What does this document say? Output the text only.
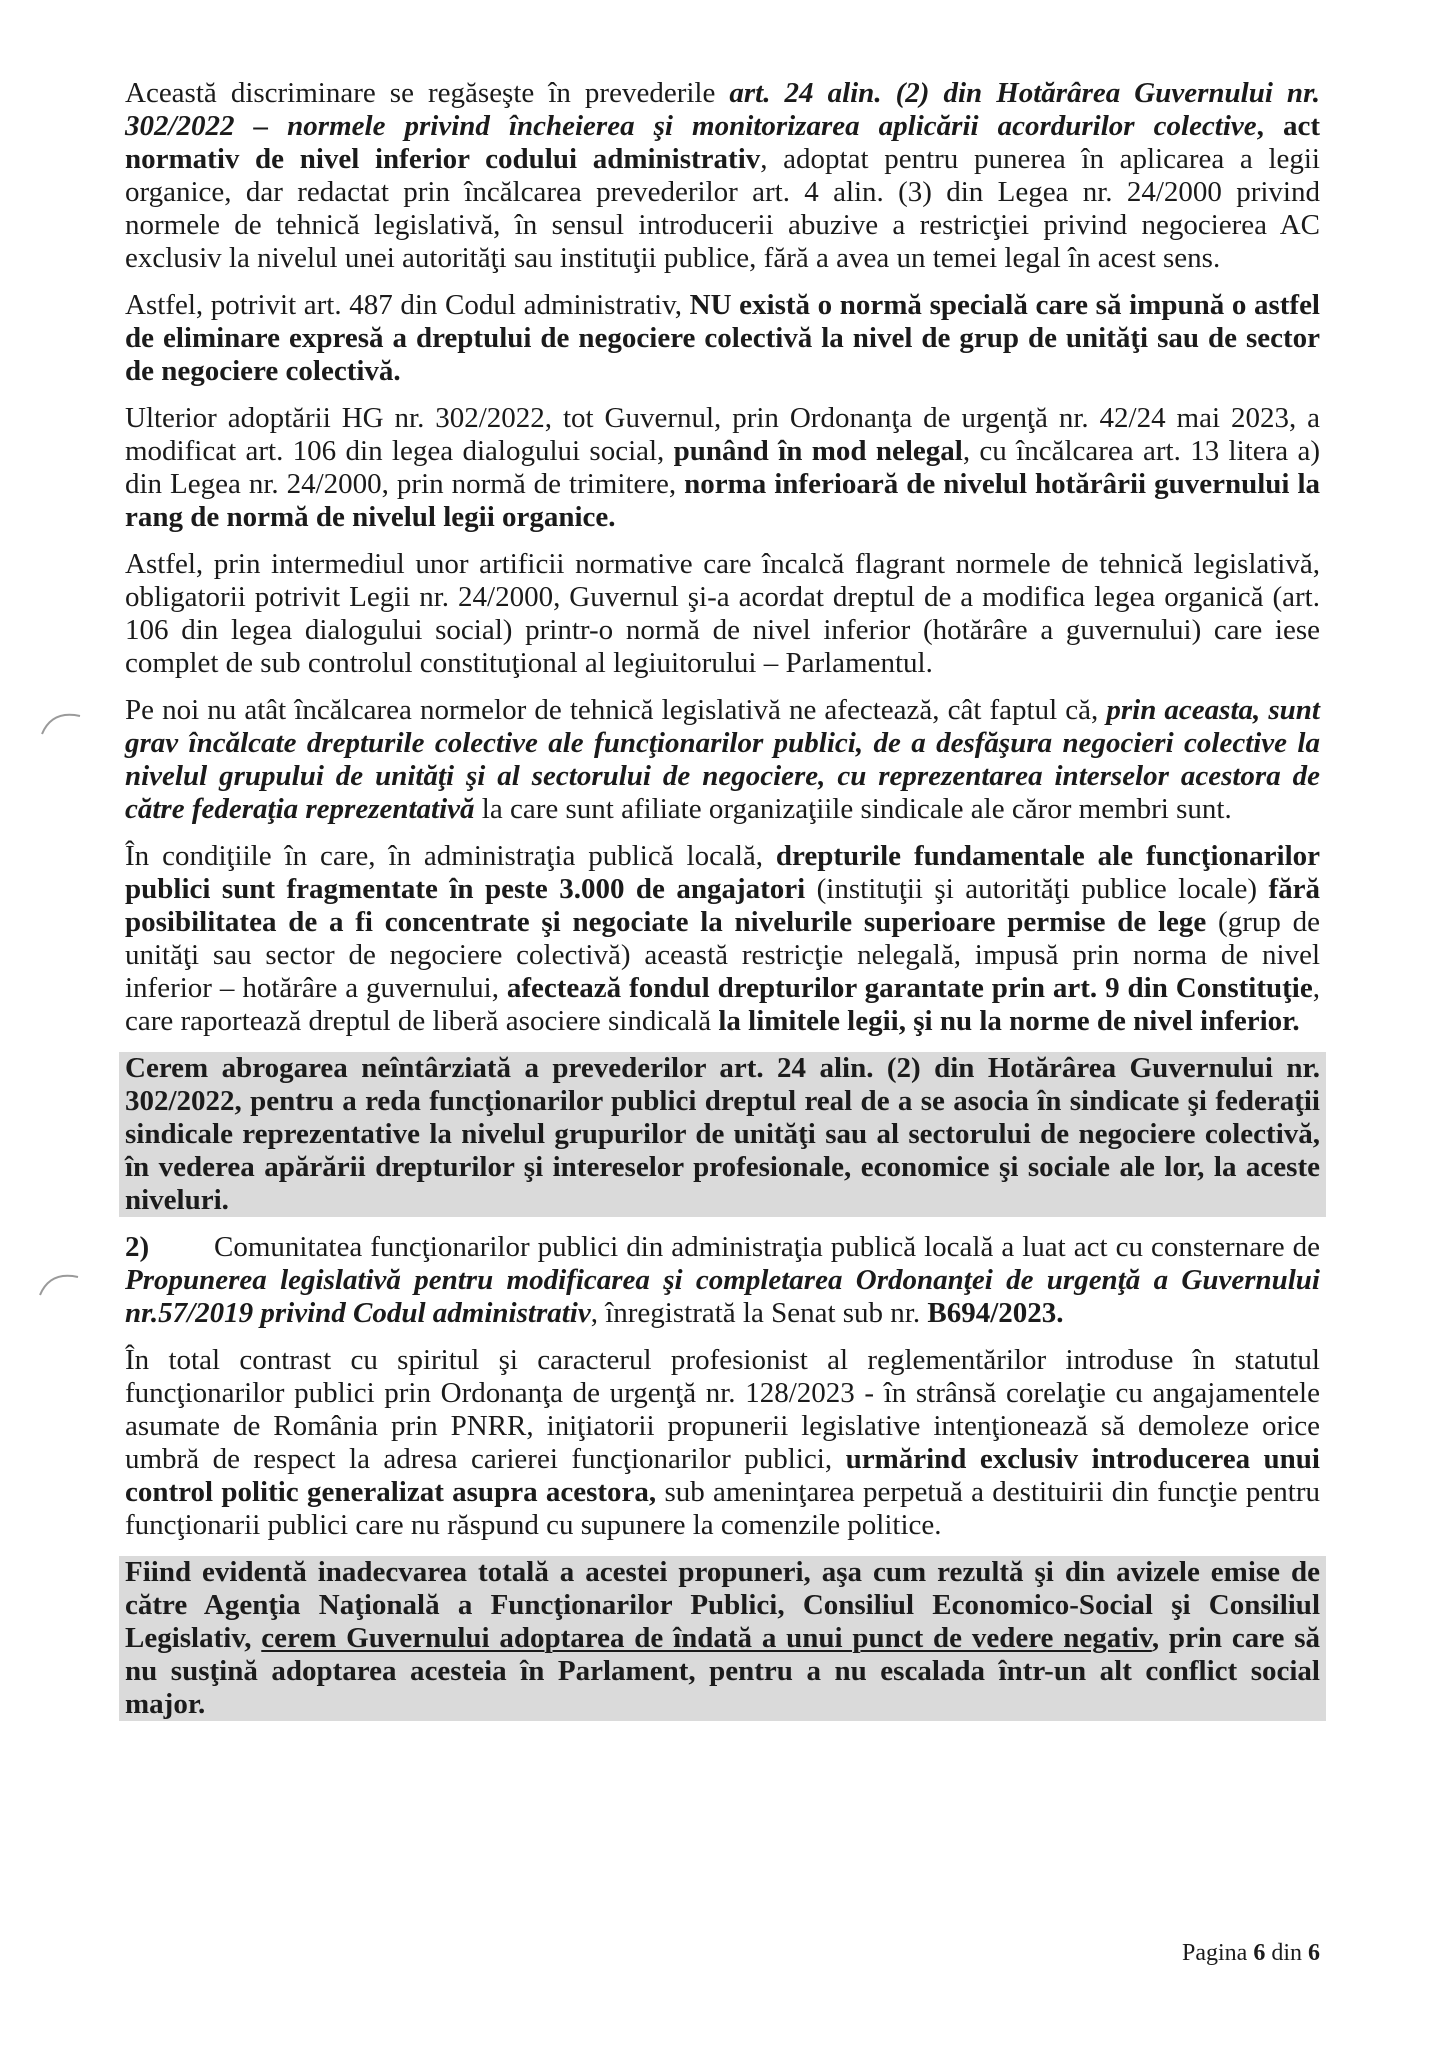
Această discriminare se regăseşte în prevederile art. 24 alin. (2) din Hotărârea Guvernului nr. 302/2022 – normele privind încheierea şi monitorizarea aplicării acordurilor colective, act normativ de nivel inferior codului administrativ, adoptat pentru punerea în aplicarea a legii organice, dar redactat prin încălcarea prevederilor art. 4 alin. (3) din Legea nr. 24/2000 privind normele de tehnică legislativă, în sensul introducerii abuzive a restricţiei privind negocierea AC exclusiv la nivelul unei autorităţi sau instituţii publice, fără a avea un temei legal în acest sens.

Astfel, potrivit art. 487 din Codul administrativ, NU există o normă specială care să impună o astfel de eliminare expresă a dreptului de negociere colectivă la nivel de grup de unităţi sau de sector de negociere colectivă.

Ulterior adoptării HG nr. 302/2022, tot Guvernul, prin Ordonanţa de urgenţă nr. 42/24 mai 2023, a modificat art. 106 din legea dialogului social, punând în mod nelegal, cu încălcarea art. 13 litera a) din Legea nr. 24/2000, prin normă de trimitere, norma inferioară de nivelul hotărârii guvernului la rang de normă de nivelul legii organice.

Astfel, prin intermediul unor artificii normative care încalcă flagrant normele de tehnică legislativă, obligatorii potrivit Legii nr. 24/2000, Guvernul şi-a acordat dreptul de a modifica legea organică (art. 106 din legea dialogului social) printr-o normă de nivel inferior (hotărâre a guvernului) care iese complet de sub controlul constituţional al legiuitorului – Parlamentul.

Pe noi nu atât încălcarea normelor de tehnică legislativă ne afectează, cât faptul că, prin aceasta, sunt grav încălcate drepturile colective ale funcţionarilor publici, de a desfăşura negocieri colective la nivelul grupului de unităţi şi al sectorului de negociere, cu reprezentarea interselor acestora de către federaţia reprezentativă la care sunt afiliate organizaţiile sindicale ale căror membri sunt.

În condiţiile în care, în administraţia publică locală, drepturile fundamentale ale funcţionarilor publici sunt fragmentate în peste 3.000 de angajatori (instituţii şi autorităţi publice locale) fără posibilitatea de a fi concentrate şi negociate la nivelurile superioare permise de lege (grup de unităţi sau sector de negociere colectivă) această restricţie nelegală, impusă prin norma de nivel inferior – hotărâre a guvernului, afectează fondul drepturilor garantate prin art. 9 din Constituţie, care raportează dreptul de liberă asociere sindicală la limitele legii, şi nu la norme de nivel inferior.

Cerem abrogarea neîntârziată a prevederilor art. 24 alin. (2) din Hotărârea Guvernului nr. 302/2022, pentru a reda funcţionarilor publici dreptul real de a se asocia în sindicate şi federaţii sindicale reprezentative la nivelul grupurilor de unităţi sau al sectorului de negociere colectivă, în vederea apărării drepturilor şi intereselor profesionale, economice şi sociale ale lor, la aceste niveluri.

2) Comunitatea funcţionarilor publici din administraţia publică locală a luat act cu consternare de Propunerea legislativă pentru modificarea şi completarea Ordonanţei de urgenţă a Guvernului nr.57/2019 privind Codul administrativ, înregistrată la Senat sub nr. B694/2023.

În total contrast cu spiritul şi caracterul profesionist al reglementărilor introduse în statutul funcţionarilor publici prin Ordonanţa de urgenţă nr. 128/2023 - în strânsă corelaţie cu angajamentele asumate de România prin PNRR, iniţiatorii propunerii legislative intenţionează să demoleze orice umbră de respect la adresa carierei funcţionarilor publici, urmărind exclusiv introducerea unui control politic generalizat asupra acestora, sub ameninţarea perpetuă a destituirii din funcţie pentru funcţionarii publici care nu răspund cu supunere la comenzile politice.

Fiind evidentă inadecvarea totală a acestei propuneri, aşa cum rezultă şi din avizele emise de către Agenţia Naţională a Funcţionarilor Publici, Consiliul Economico-Social şi Consiliul Legislativ, cerem Guvernului adoptarea de îndată a unui punct de vedere negativ, prin care să nu susţină adoptarea acesteia în Parlament, pentru a nu escalada într-un alt conflict social major.

Pagina 6 din 6
